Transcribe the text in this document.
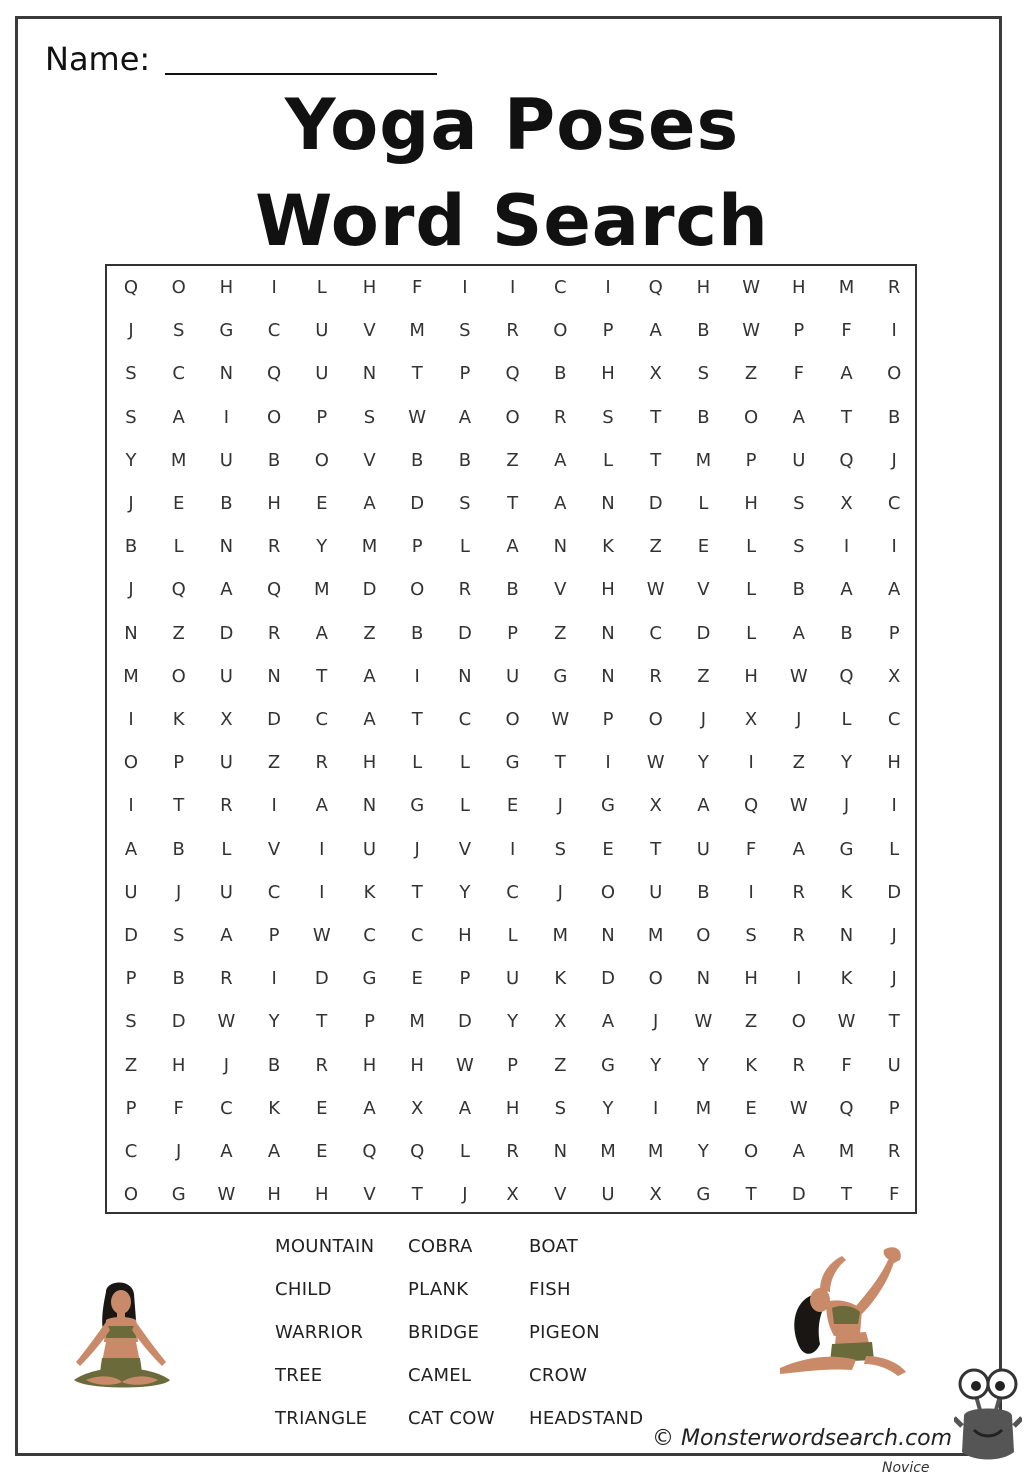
Name:
Yoga Poses
Word Search
Q	O	H	I	L	H	F	I	I	C	I	Q	H	W	H	M	R
J	S	G	C	U	V	M	S	R	O	P	A	B	W	P	F	I
S	C	N	Q	U	N	T	P	Q	B	H	X	S	Z	F	A	O
S	A	I	O	P	S	W	A	O	R	S	T	B	O	A	T	B
Y	M	U	B	O	V	B	B	Z	A	L	T	M	P	U	Q	J
J	E	B	H	E	A	D	S	T	A	N	D	L	H	S	X	C
B	L	N	R	Y	M	P	L	A	N	K	Z	E	L	S	I	I
J	Q	A	Q	M	D	O	R	B	V	H	W	V	L	B	A	A
N	Z	D	R	A	Z	B	D	P	Z	N	C	D	L	A	B	P
M	O	U	N	T	A	I	N	U	G	N	R	Z	H	W	Q	X
I	K	X	D	C	A	T	C	O	W	P	O	J	X	J	L	C
O	P	U	Z	R	H	L	L	G	T	I	W	Y	I	Z	Y	H
I	T	R	I	A	N	G	L	E	J	G	X	A	Q	W	J	I
A	B	L	V	I	U	J	V	I	S	E	T	U	F	A	G	L
U	J	U	C	I	K	T	Y	C	J	O	U	B	I	R	K	D
D	S	A	P	W	C	C	H	L	M	N	M	O	S	R	N	J
P	B	R	I	D	G	E	P	U	K	D	O	N	H	I	K	J
S	D	W	Y	T	P	M	D	Y	X	A	J	W	Z	O	W	T
Z	H	J	B	R	H	H	W	P	Z	G	Y	Y	K	R	F	U
P	F	C	K	E	A	X	A	H	S	Y	I	M	E	W	Q	P
C	J	A	A	E	Q	Q	L	R	N	M	M	Y	O	A	M	R
O	G	W	H	H	V	T	J	X	V	U	X	G	T	D	T	F
MOUNTAIN
CHILD
WARRIOR
TREE
TRIANGLE
COBRA
PLANK
BRIDGE
CAMEL
CAT COW
BOAT
FISH
PIGEON
CROW
HEADSTAND
© Monsterwordsearch.com
Novice
